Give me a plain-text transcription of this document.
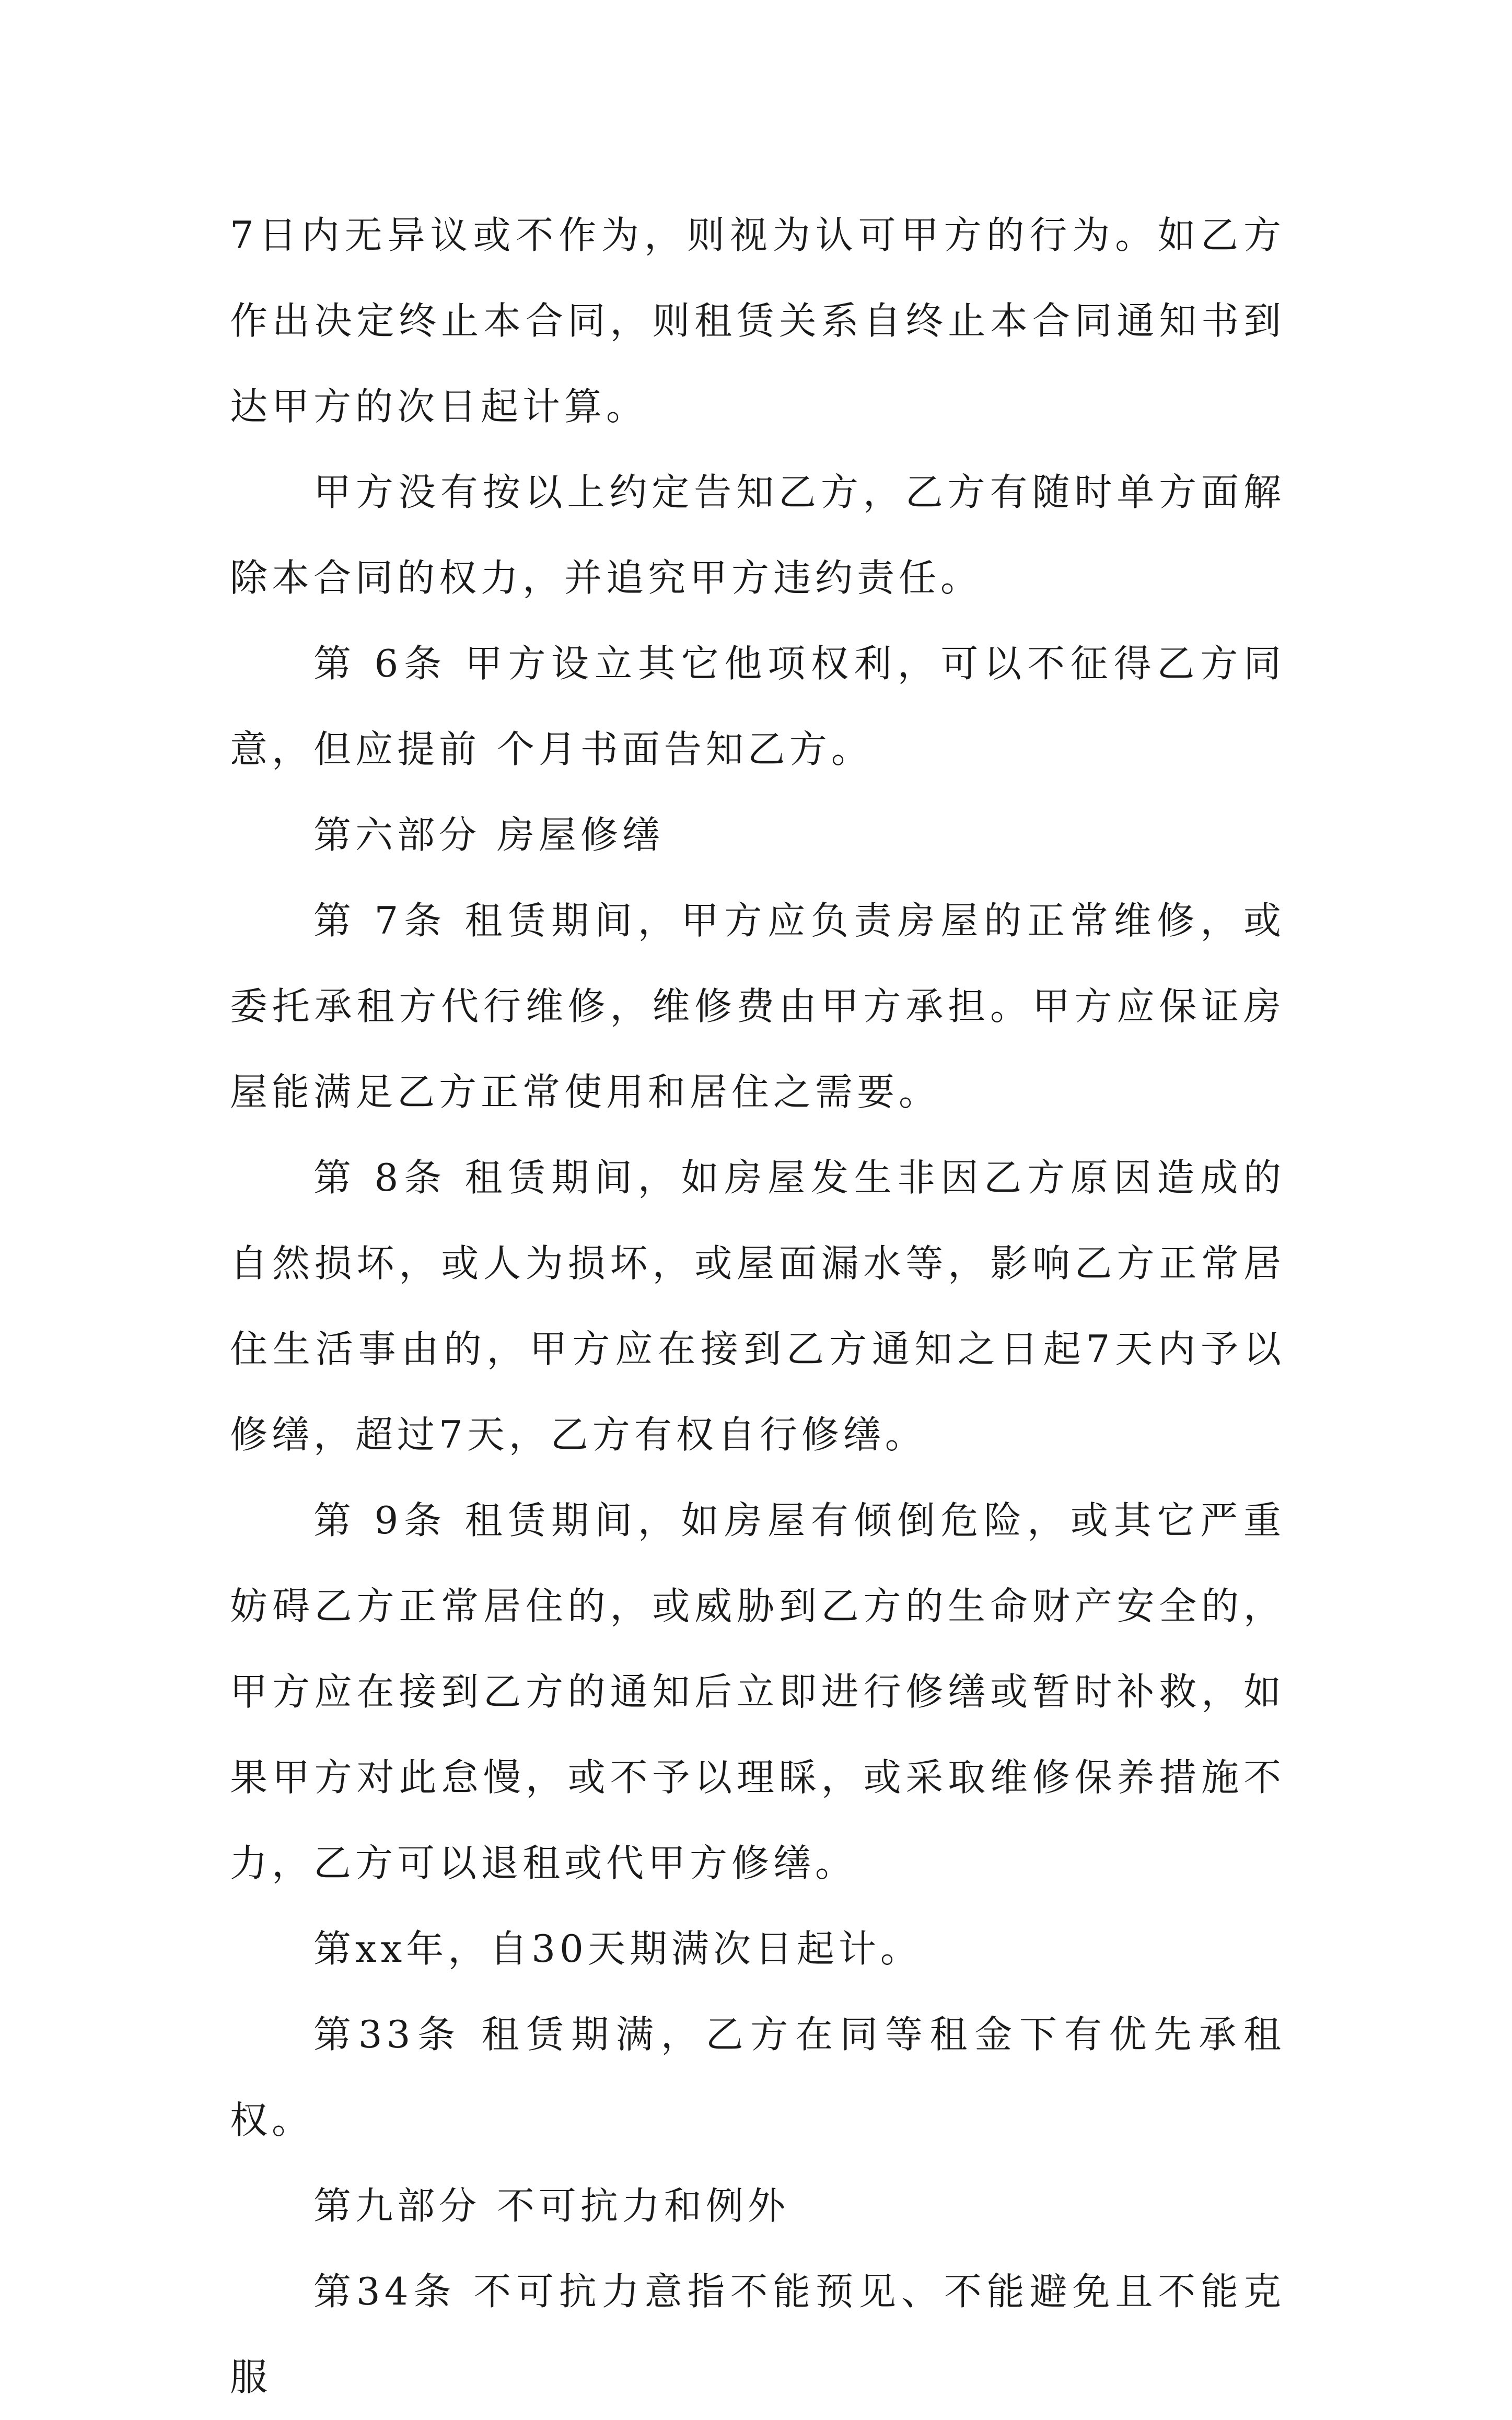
7日内无异议或不作为，则视为认可甲方的行为。如乙方作出决定终止本合同，则租赁关系自终止本合同通知书到达甲方的次日起计算。

甲方没有按以上约定告知乙方，乙方有随时单方面解除本合同的权力，并追究甲方违约责任。

第 6条 甲方设立其它他项权利，可以不征得乙方同意，但应提前 个月书面告知乙方。

第六部分 房屋修缮

第 7条 租赁期间，甲方应负责房屋的正常维修，或委托承租方代行维修，维修费由甲方承担。甲方应保证房屋能满足乙方正常使用和居住之需要。

第 8条 租赁期间，如房屋发生非因乙方原因造成的自然损坏，或人为损坏，或屋面漏水等，影响乙方正常居住生活事由的，甲方应在接到乙方通知之日起7天内予以修缮，超过7天，乙方有权自行修缮。

第 9条 租赁期间，如房屋有倾倒危险，或其它严重妨碍乙方正常居住的，或威胁到乙方的生命财产安全的，甲方应在接到乙方的通知后立即进行修缮或暂时补救，如果甲方对此怠慢，或不予以理睬，或采取维修保养措施不力，乙方可以退租或代甲方修缮。

第xx年，自30天期满次日起计。

第33条 租赁期满，乙方在同等租金下有优先承租权。

第九部分 不可抗力和例外

第34条 不可抗力意指不能预见、不能避免且不能克服
